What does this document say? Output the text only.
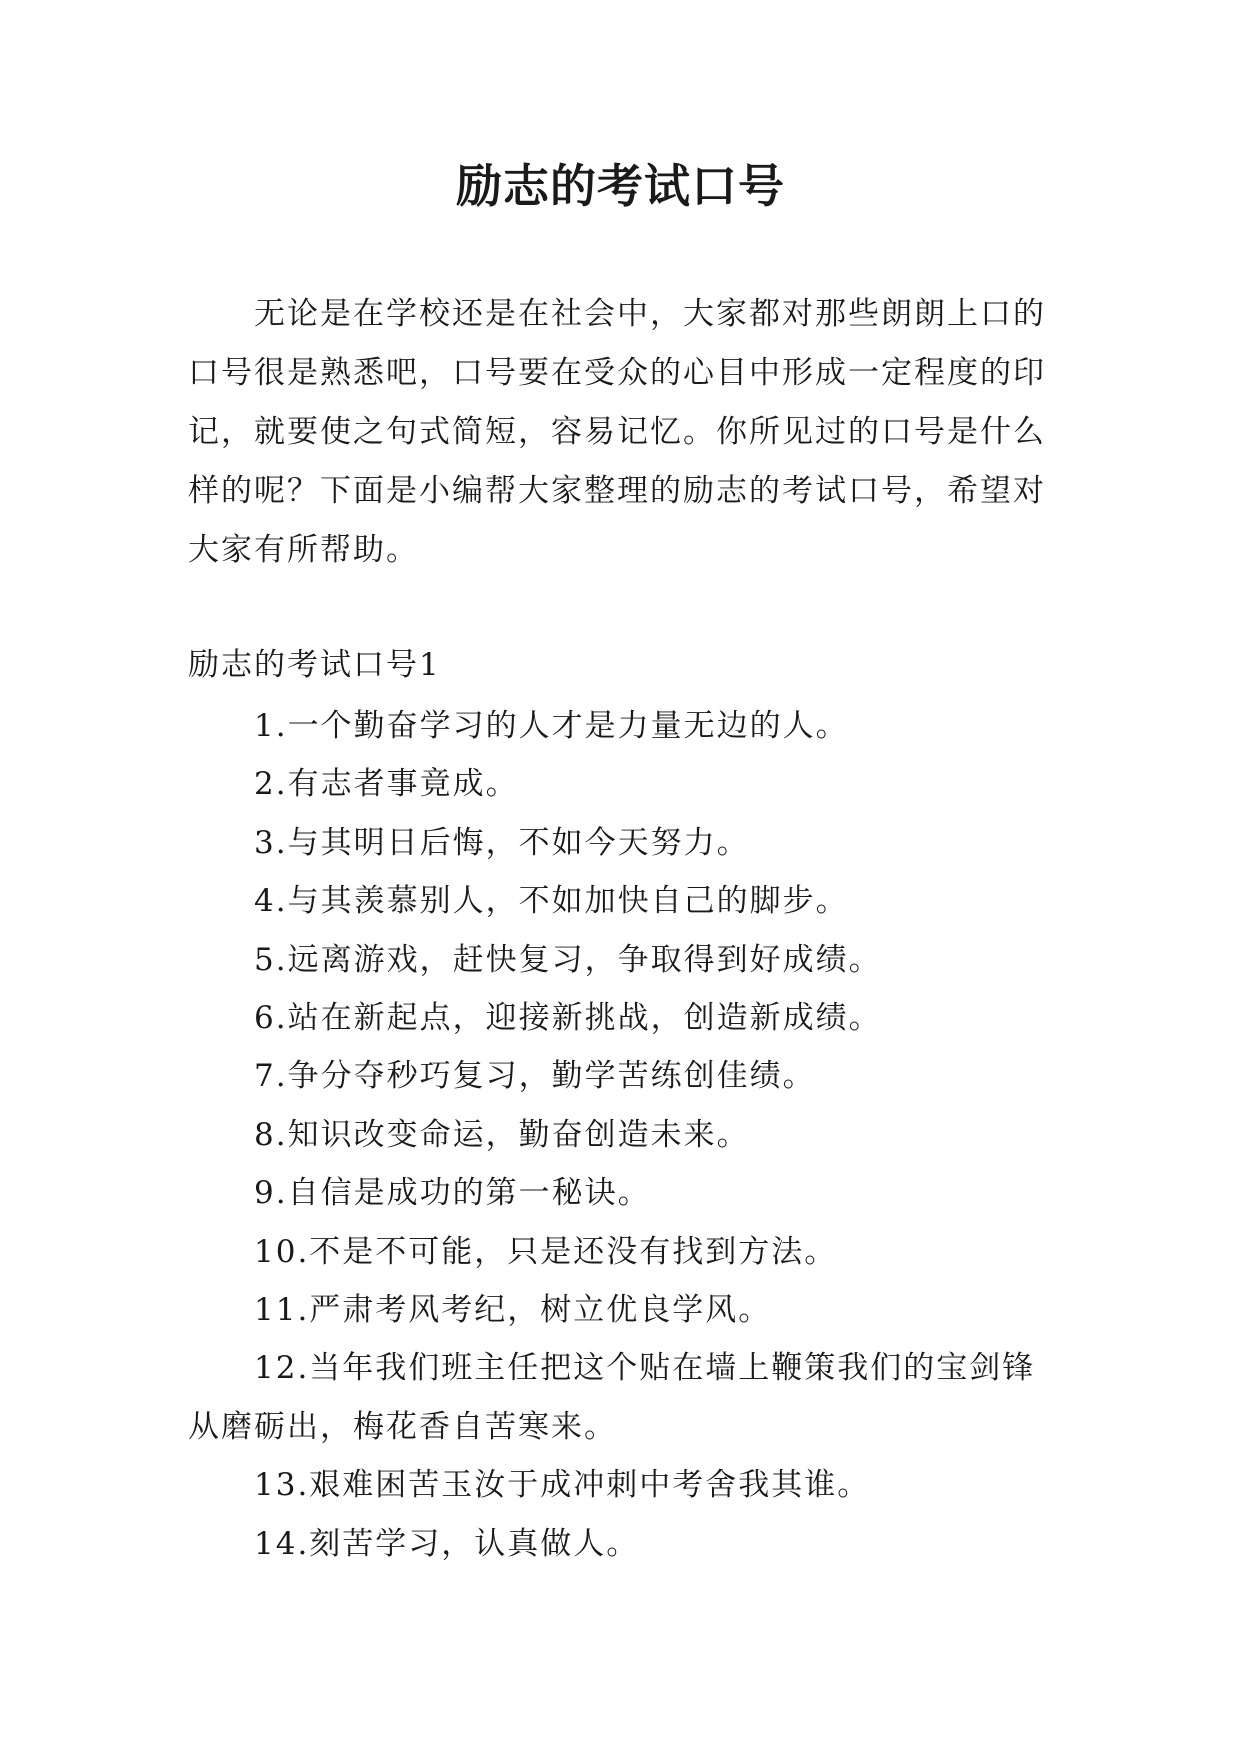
励志的考试口号

无论是在学校还是在社会中，大家都对那些朗朗上口的口号很是熟悉吧，口号要在受众的心目中形成一定程度的印记，就要使之句式简短，容易记忆。你所见过的口号是什么样的呢？下面是小编帮大家整理的励志的考试口号，希望对大家有所帮助。

励志的考试口号1

1.一个勤奋学习的人才是力量无边的人。
2.有志者事竟成。
3.与其明日后悔，不如今天努力。
4.与其羡慕别人，不如加快自己的脚步。
5.远离游戏，赶快复习，争取得到好成绩。
6.站在新起点，迎接新挑战，创造新成绩。
7.争分夺秒巧复习，勤学苦练创佳绩。
8.知识改变命运，勤奋创造未来。
9.自信是成功的第一秘诀。
10.不是不可能，只是还没有找到方法。
11.严肃考风考纪，树立优良学风。
12.当年我们班主任把这个贴在墙上鞭策我们的宝剑锋从磨砺出，梅花香自苦寒来。
13.艰难困苦玉汝于成冲刺中考舍我其谁。
14.刻苦学习，认真做人。
